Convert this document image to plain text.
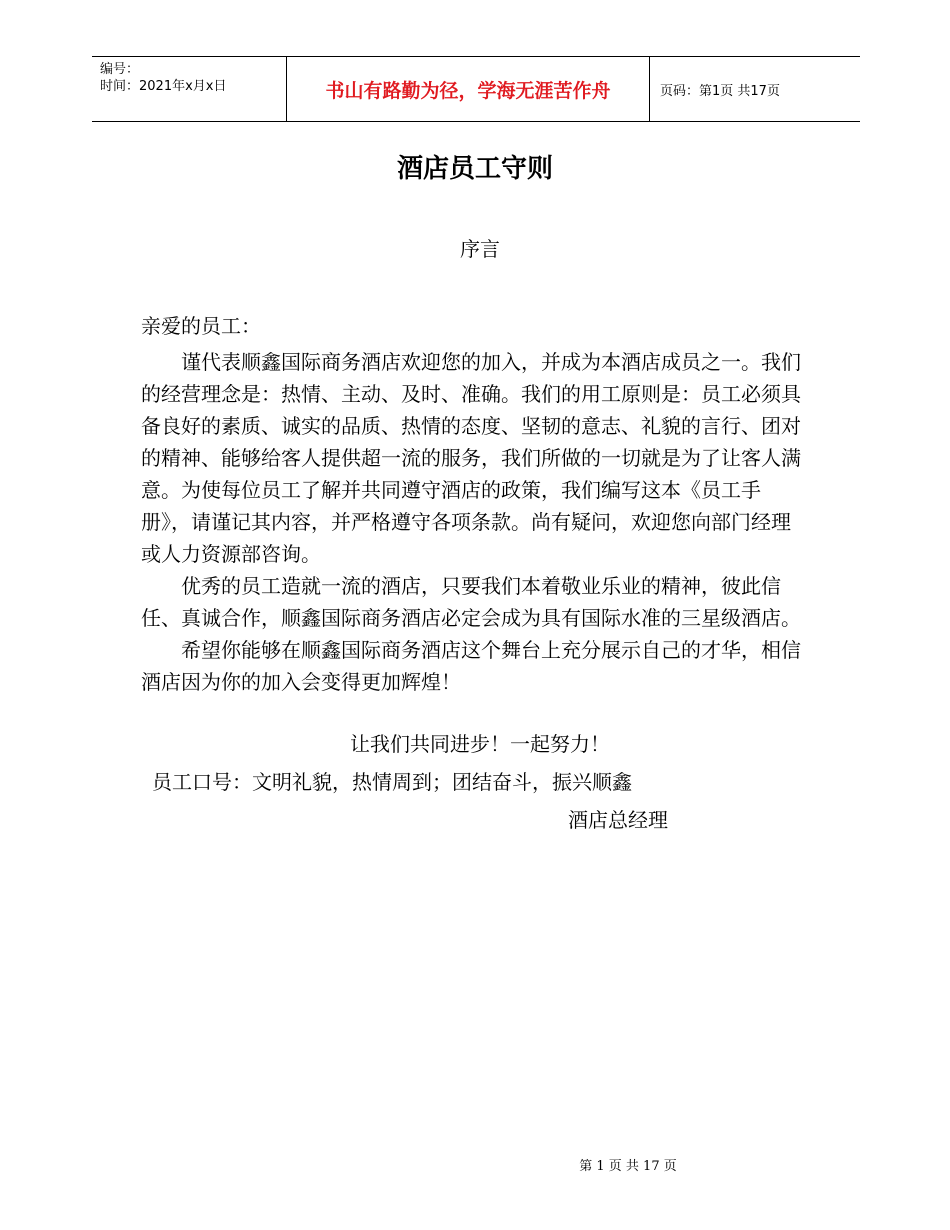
编号：
时间：2021年x月x日	书山有路勤为径，学海无涯苦作舟	页码：第1页 共17页
酒店员工守则
序言

亲爱的员工：

谨代表顺鑫国际商务酒店欢迎您的加入，并成为本酒店成员之一。我们的经营理念是：热情、主动、及时、准确。我们的用工原则是：员工必须具备良好的素质、诚实的品质、热情的态度、坚韧的意志、礼貌的言行、团对的精神、能够给客人提供超一流的服务，我们所做的一切就是为了让客人满意。为使每位员工了解并共同遵守酒店的政策，我们编写这本《员工手册》，请谨记其内容，并严格遵守各项条款。尚有疑问，欢迎您向部门经理或人力资源部咨询。

优秀的员工造就一流的酒店，只要我们本着敬业乐业的精神，彼此信任、真诚合作，顺鑫国际商务酒店必定会成为具有国际水准的三星级酒店。

希望你能够在顺鑫国际商务酒店这个舞台上充分展示自己的才华，相信酒店因为你的加入会变得更加辉煌！

让我们共同进步！一起努力！
员工口号：文明礼貌，热情周到；团结奋斗，振兴顺鑫
酒店总经理
第 1 页 共 17 页
